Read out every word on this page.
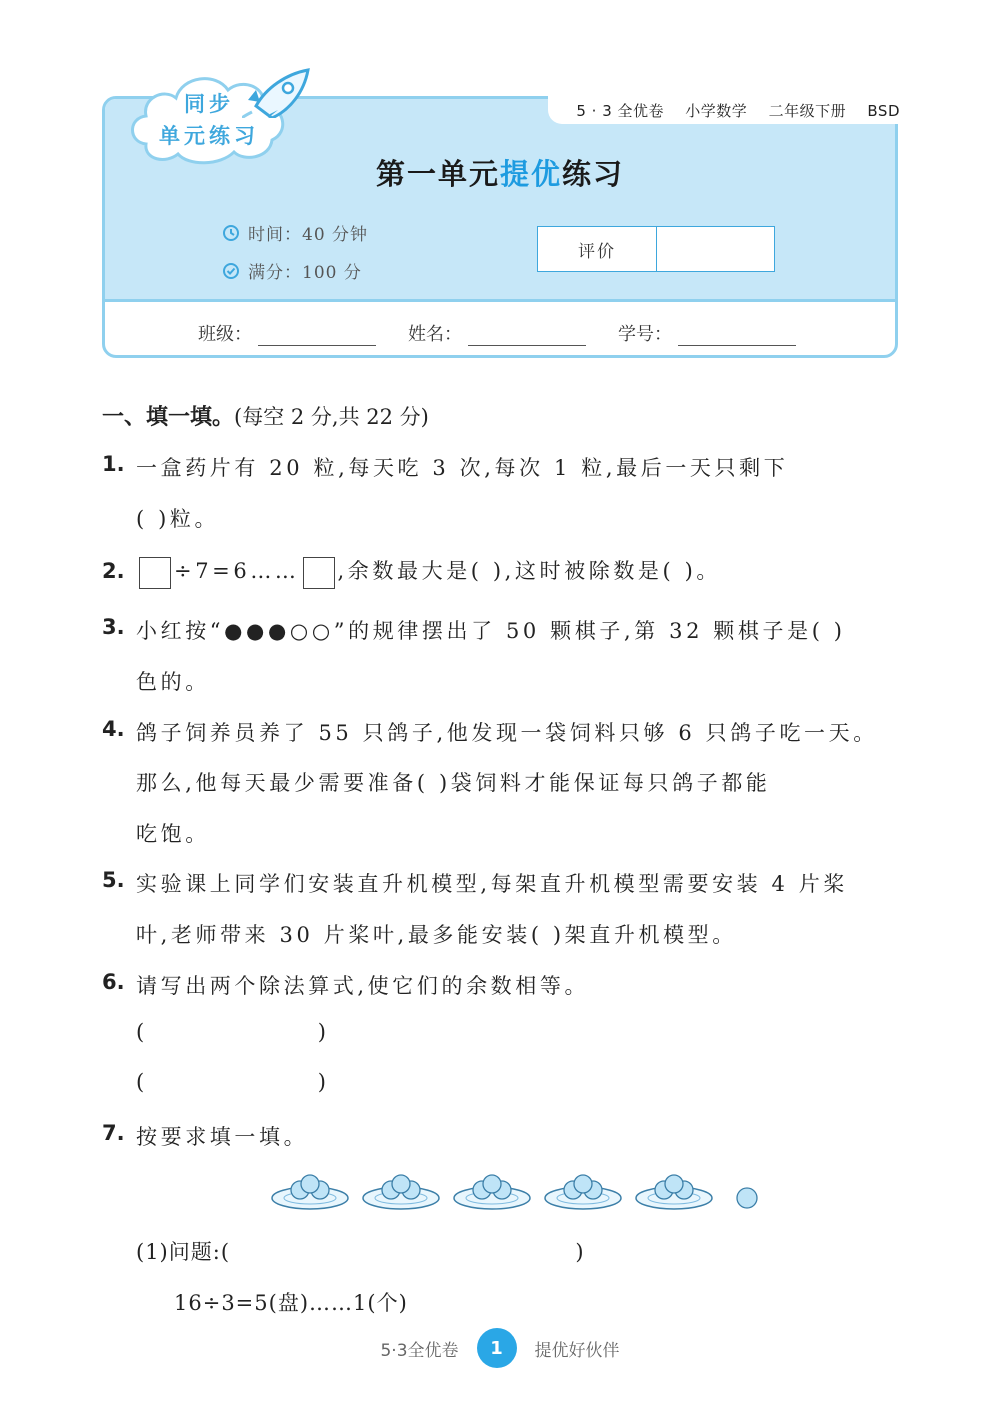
5 · 3 全优卷 小学数学 二年级下册 BSD
同步
单元练习
第一单元提优练习
时间：40 分钟
满分：100 分
评价
班级：	姓名：	学号：
一、填一填。(每空 2 分,共 22 分)
1. 一盒药片有 20 粒,每天吃 3 次,每次 1 粒,最后一天只剩下
( )粒。
2.	÷7=6…… ,余数最大是( ),这时被除数是( )。
3. 小红按“●●●○○”的规律摆出了 50 颗棋子,第 32 颗棋子是( )
色的。
4. 鸽子饲养员养了 55 只鸽子,他发现一袋饲料只够 6 只鸽子吃一天。
那么,他每天最少需要准备( )袋饲料才能保证每只鸽子都能
吃饱。
5. 实验课上同学们安装直升机模型,每架直升机模型需要安装 4 片桨
叶,老师带来 30 片桨叶,最多能安装( )架直升机模型。
6. 请写出两个除法算式,使它们的余数相等。
(                          )
(                          )
7. 按要求填一填。
(1)问题:(                                             )
16÷3=5(盘)……1(个)
5·3全优卷	1	提优好伙伴
